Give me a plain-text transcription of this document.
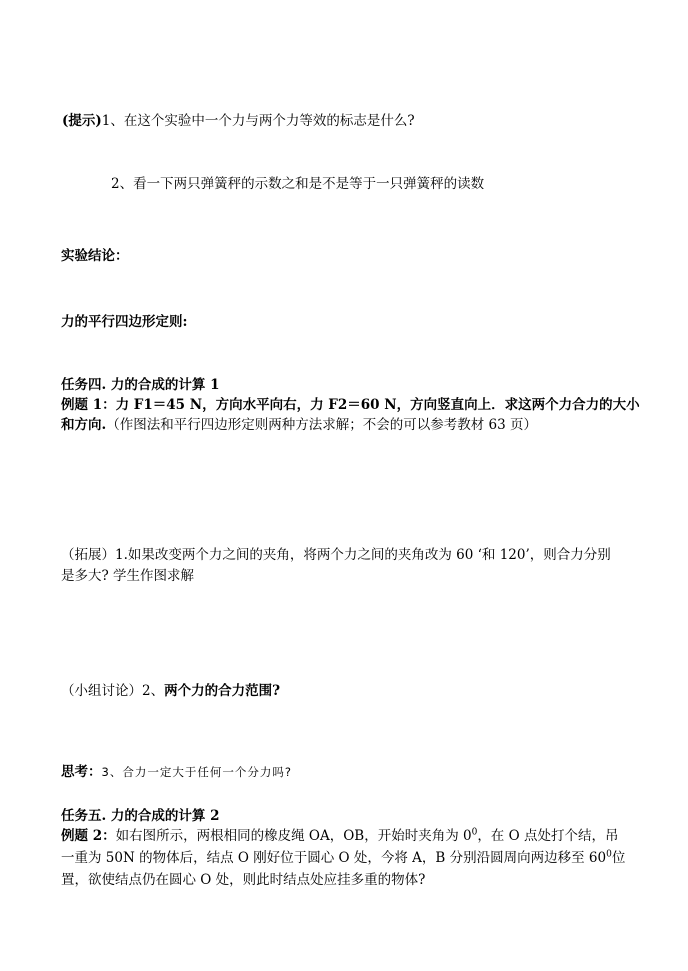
(提示)1、在这个实验中一个力与两个力等效的标志是什么?
2、看一下两只弹簧秤的示数之和是不是等于一只弹簧秤的读数
实验结论：
力的平行四边形定则:
任务四. 力的合成的计算 1
例题 1：力 F1＝45 N，方向水平向右，力 F2＝60 N，方向竖直向上．求这两个力合力的大小
和方向.（作图法和平行四边形定则两种方法求解；不会的可以参考教材 63 页）
（拓展）1.如果改变两个力之间的夹角，将两个力之间的夹角改为 60 ‘和 120’，则合力分别
是多大? 学生作图求解
（小组讨论）2、两个力的合力范围?
思考：3、合力一定大于任何一个分力吗?
任务五. 力的合成的计算 2
例题 2：如右图所示，两根相同的橡皮绳 OA，OB，开始时夹角为 $0^0$，在 O 点处打个结，吊
一重为 50N 的物体后，结点 O 刚好位于圆心 O 处，今将 A，B 分别沿圆周向两边移至 $60^0$位
置，欲使结点仍在圆心 O 处，则此时结点处应挂多重的物体?
